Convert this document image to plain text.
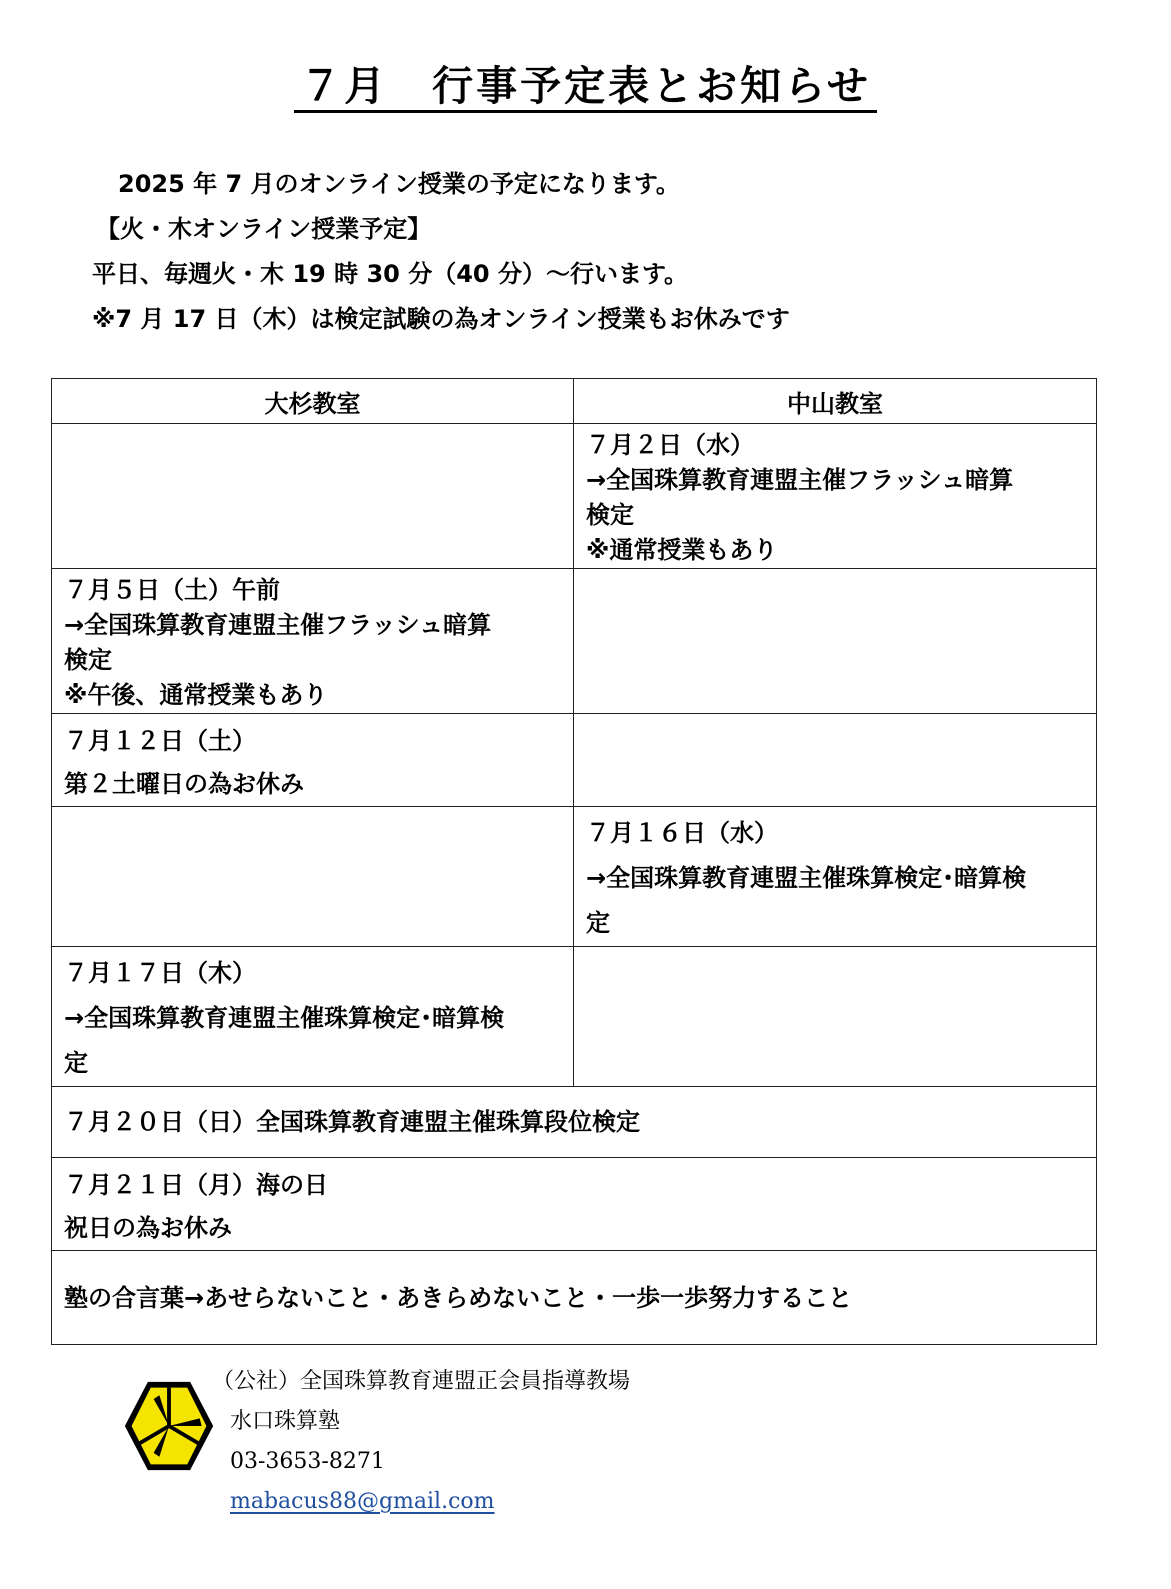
７月　行事予定表とお知らせ
2025 年 7 月のオンライン授業の予定になります。
【火・木オンライン授業予定】
平日、毎週火・木 19 時 30 分（40 分）～行います。
※7 月 17 日（木）は検定試験の為オンライン授業もお休みです
大杉教室	中山教室

	７月２日（水）
→全国珠算教育連盟主催フラッシュ暗算
検定
※通常授業もあり

７月５日（土）午前
→全国珠算教育連盟主催フラッシュ暗算
検定
※午後、通常授業もあり	

７月１２日（土）
第２土曜日の為お休み	

	７月１６日（水）
→全国珠算教育連盟主催珠算検定･暗算検
定

７月１７日（木）
→全国珠算教育連盟主催珠算検定･暗算検
定	

７月２０日（日）全国珠算教育連盟主催珠算段位検定	

７月２１日（月）海の日
祝日の為お休み	

塾の合言葉→あせらないこと・あきらめないこと・一歩一歩努力すること	
（公社）全国珠算教育連盟正会員指導教場
水口珠算塾
03-3653-8271
mabacus88@gmail.com
